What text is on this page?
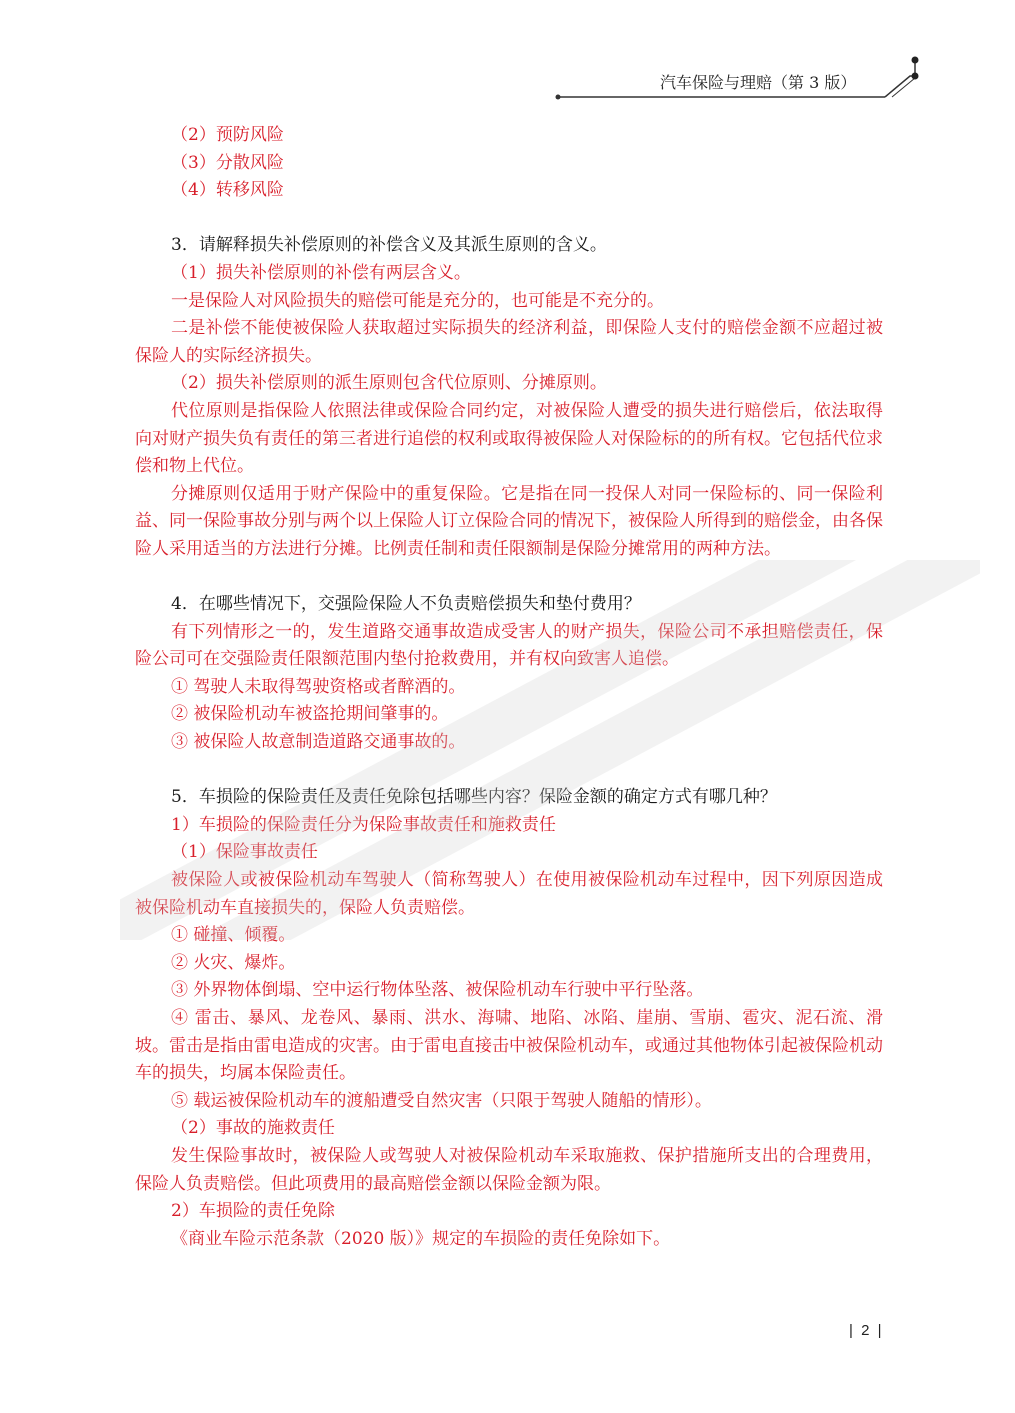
汽车保险与理赔（第 3 版）

（2）预防风险

（3）分散风险

（4）转移风险

3．请解释损失补偿原则的补偿含义及其派生原则的含义。

（1）损失补偿原则的补偿有两层含义。

一是保险人对风险损失的赔偿可能是充分的，也可能是不充分的。

二是补偿不能使被保险人获取超过实际损失的经济利益，即保险人支付的赔偿金额不应超过被保险人的实际经济损失。

（2）损失补偿原则的派生原则包含代位原则、分摊原则。

代位原则是指保险人依照法律或保险合同约定，对被保险人遭受的损失进行赔偿后，依法取得向对财产损失负有责任的第三者进行追偿的权利或取得被保险人对保险标的的所有权。它包括代位求偿和物上代位。

分摊原则仅适用于财产保险中的重复保险。它是指在同一投保人对同一保险标的、同一保险利益、同一保险事故分别与两个以上保险人订立保险合同的情况下，被保险人所得到的赔偿金，由各保险人采用适当的方法进行分摊。比例责任制和责任限额制是保险分摊常用的两种方法。

4．在哪些情况下，交强险保险人不负责赔偿损失和垫付费用？

有下列情形之一的，发生道路交通事故造成受害人的财产损失，保险公司不承担赔偿责任，保险公司可在交强险责任限额范围内垫付抢救费用，并有权向致害人追偿。

① 驾驶人未取得驾驶资格或者醉酒的。

② 被保险机动车被盗抢期间肇事的。

③ 被保险人故意制造道路交通事故的。

5．车损险的保险责任及责任免除包括哪些内容？保险金额的确定方式有哪几种？

1）车损险的保险责任分为保险事故责任和施救责任

（1）保险事故责任

被保险人或被保险机动车驾驶人（简称驾驶人）在使用被保险机动车过程中，因下列原因造成被保险机动车直接损失的，保险人负责赔偿。

① 碰撞、倾覆。

② 火灾、爆炸。

③ 外界物体倒塌、空中运行物体坠落、被保险机动车行驶中平行坠落。

④ 雷击、暴风、龙卷风、暴雨、洪水、海啸、地陷、冰陷、崖崩、雪崩、雹灾、泥石流、滑坡。雷击是指由雷电造成的灾害。由于雷电直接击中被保险机动车，或通过其他物体引起被保险机动车的损失，均属本保险责任。

⑤ 载运被保险机动车的渡船遭受自然灾害（只限于驾驶人随船的情形）。

（2）事故的施救责任

发生保险事故时，被保险人或驾驶人对被保险机动车采取施救、保护措施所支出的合理费用，保险人负责赔偿。但此项费用的最高赔偿金额以保险金额为限。

2）车损险的责任免除

《商业车险示范条款（2020 版）》规定的车损险的责任免除如下。

| 2 |
